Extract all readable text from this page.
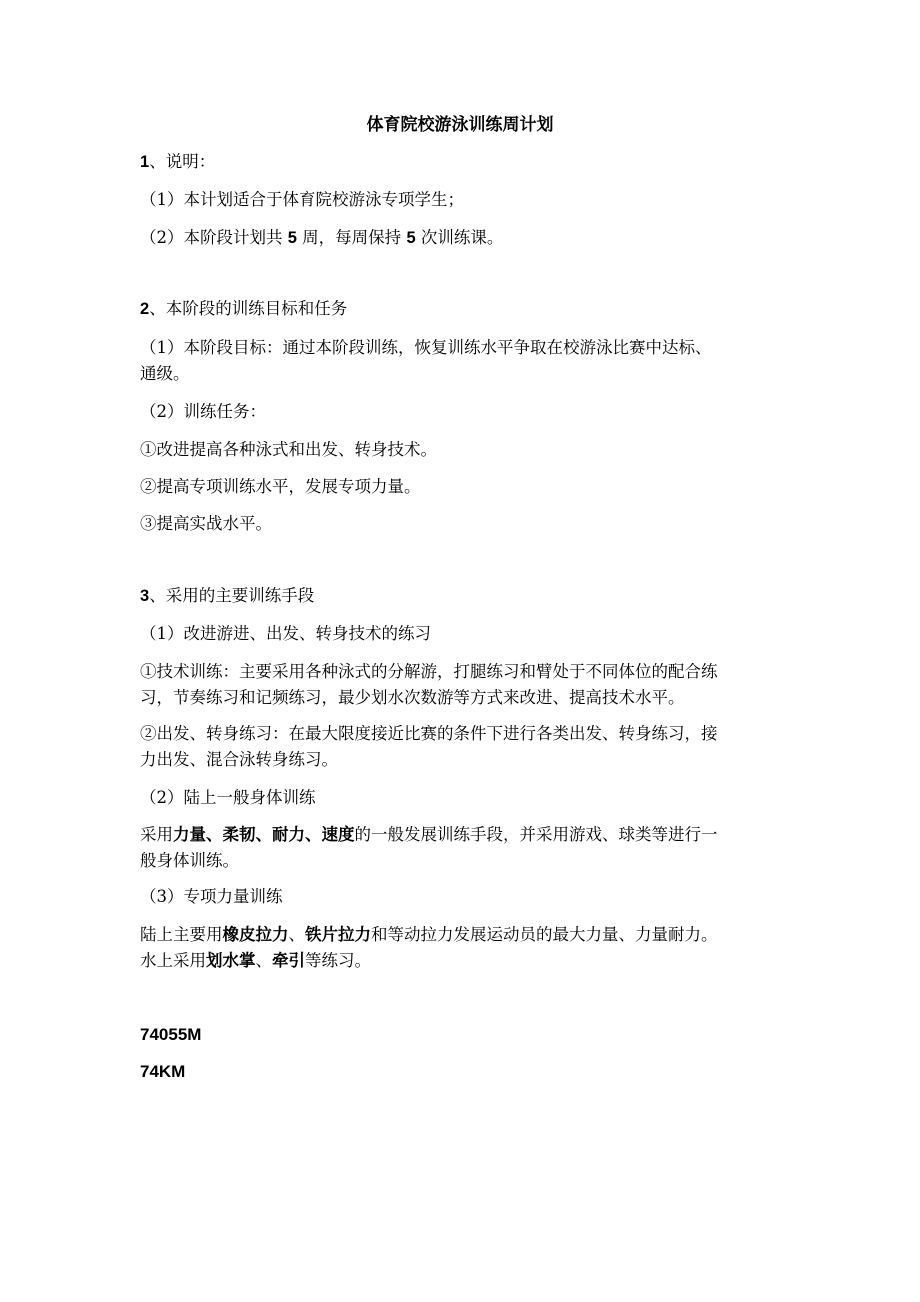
体育院校游泳训练周计划
1、说明：
（1）本计划适合于体育院校游泳专项学生；
（2）本阶段计划共 5 周，每周保持 5 次训练课。
2、本阶段的训练目标和任务
（1）本阶段目标：通过本阶段训练，恢复训练水平争取在校游泳比赛中达标、
通级。
（2）训练任务：
①改进提高各种泳式和出发、转身技术。
②提高专项训练水平，发展专项力量。
③提高实战水平。
3、采用的主要训练手段
（1）改进游进、出发、转身技术的练习
①技术训练：主要采用各种泳式的分解游，打腿练习和臂处于不同体位的配合练
习，节奏练习和记频练习，最少划水次数游等方式来改进、提高技术水平。
②出发、转身练习：在最大限度接近比赛的条件下进行各类出发、转身练习，接
力出发、混合泳转身练习。
（2）陆上一般身体训练
采用力量、柔韧、耐力、速度的一般发展训练手段，并采用游戏、球类等进行一
般身体训练。
（3）专项力量训练
陆上主要用橡皮拉力、铁片拉力和等动拉力发展运动员的最大力量、力量耐力。
水上采用划水掌、牵引等练习。
74055M
74KM
